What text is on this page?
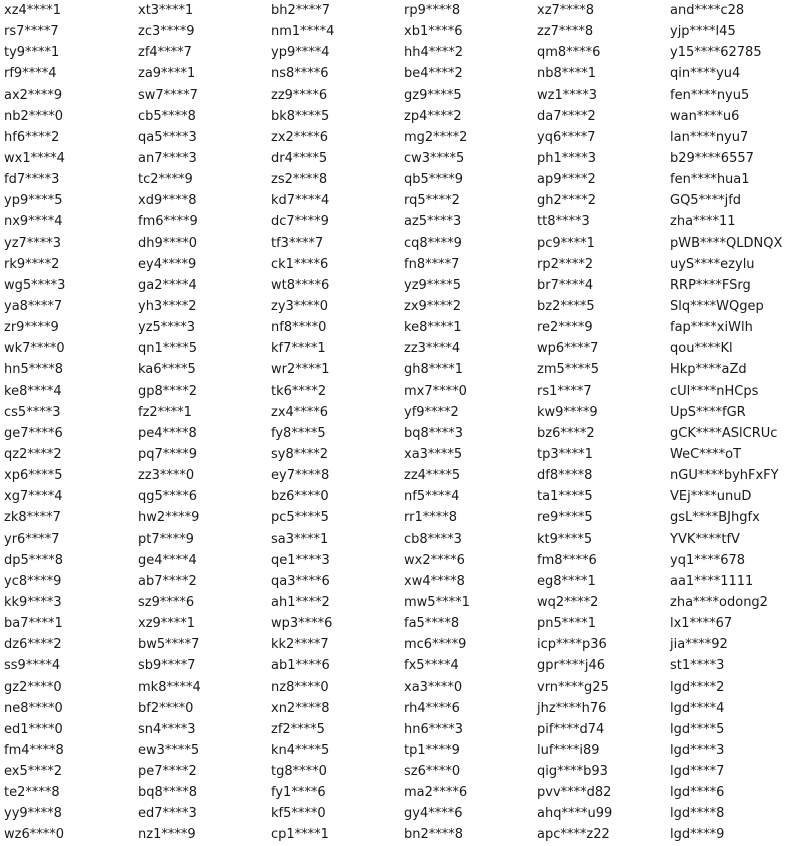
xz4****1
rs7****7
ty9****1
rf9****4
ax2****9
nb2****0
hf6****2
wx1****4
fd7****3
yp9****5
nx9****4
yz7****3
rk9****2
wg5****3
ya8****7
zr9****9
wk7****0
hn5****8
ke8****4
cs5****3
ge7****6
qz2****2
xp6****5
xg7****4
zk8****7
yr6****7
dp5****8
yc8****9
kk9****3
ba7****1
dz6****2
ss9****4
gz2****0
ne8****0
ed1****0
fm4****8
ex5****2
te2****8
yy9****8
wz6****0
xt3****1
zc3****9
zf4****7
za9****1
sw7****7
cb5****8
qa5****3
an7****3
tc2****9
xd9****8
fm6****9
dh9****0
ey4****9
ga2****4
yh3****2
yz5****3
qn1****5
ka6****5
gp8****2
fz2****1
pe4****8
pq7****9
zz3****0
qg5****6
hw2****9
pt7****9
ge4****4
ab7****2
sz9****6
xz9****1
bw5****7
sb9****7
mk8****4
bf2****0
sn4****3
ew3****5
pe7****2
bq8****8
ed7****3
nz1****9
bh2****7
nm1****4
yp9****4
ns8****6
zz9****6
bk8****5
zx2****6
dr4****5
zs2****8
kd7****4
dc7****9
tf3****7
ck1****6
wt8****6
zy3****0
nf8****0
kf7****1
wr2****1
tk6****2
zx4****6
fy8****5
sy8****2
ey7****8
bz6****0
pc5****5
sa3****1
qe1****3
qa3****6
ah1****2
wp3****6
kk2****7
ab1****6
nz8****0
xn2****8
zf2****5
kn4****5
tg8****0
fy1****6
kf5****0
cp1****1
rp9****8
xb1****6
hh4****2
be4****2
gz9****5
zp4****2
mg2****2
cw3****5
qb5****9
rq5****2
az5****3
cq8****9
fn8****7
yz9****5
zx9****2
ke8****1
zz3****4
gh8****1
mx7****0
yf9****2
bq8****3
xa3****5
zz4****5
nf5****4
rr1****8
cb8****3
wx2****6
xw4****8
mw5****1
fa5****8
mc6****9
fx5****4
xa3****0
rh4****6
hn6****3
tp1****9
sz6****0
ma2****6
gy4****6
bn2****8
xz7****8
zz7****8
qm8****6
nb8****1
wz1****3
da7****2
yq6****7
ph1****3
ap9****2
gh2****2
tt8****3
pc9****1
rp2****2
br7****4
bz2****5
re2****9
wp6****7
zm5****5
rs1****7
kw9****9
bz6****2
tp3****1
df8****8
ta1****5
re9****5
kt9****5
fm8****6
eg8****1
wq2****2
pn5****1
icp****p36
gpr****j46
vrn****g25
jhz****h76
pif****d74
luf****i89
qig****b93
pvv****d82
ahq****u99
apc****z22
and****c28
yjp****l45
y15****62785
qin****yu4
fen****nyu5
wan****u6
lan****nyu7
b29****6557
fen****hua1
GQ5****jfd
zha****11
pWB****QLDNQX
uyS****ezylu
RRP****FSrg
Slq****WQgep
fap****xiWlh
qou****Kl
Hkp****aZd
cUl****nHCps
UpS****fGR
gCK****ASlCRUc
WeC****oT
nGU****byhFxFY
VEj****unuD
gsL****BJhgfx
YVK****tfV
yq1****678
aa1****1111
zha****odong2
lx1****67
jia****92
st1****3
lgd****2
lgd****4
lgd****5
lgd****3
lgd****7
lgd****6
lgd****8
lgd****9
